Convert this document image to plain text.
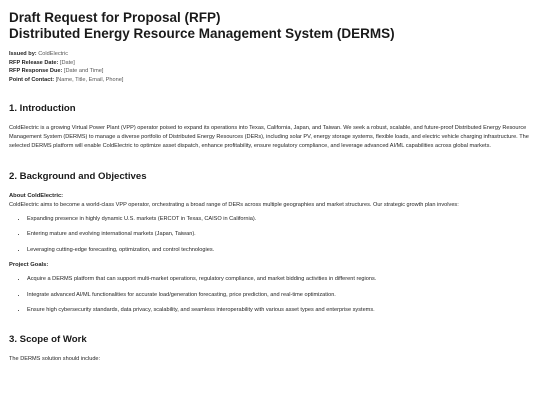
Draft Request for Proposal (RFP)
Distributed Energy Resource Management System (DERMS)
Issued by: ColdElectric
RFP Release Date: [Date]
RFP Response Due: [Date and Time]
Point of Contact: [Name, Title, Email, Phone]
1. Introduction

ColdElectric is a growing Virtual Power Plant (VPP) operator poised to expand its operations into Texas, California, Japan, and Taiwan. We seek a robust, scalable, and future-proof Distributed Energy Resource Management System (DERMS) to manage a diverse portfolio of Distributed Energy Resources (DERs), including solar PV, energy storage systems, flexible loads, and electric vehicle charging infrastructure. The selected DERMS platform will enable ColdElectric to optimize asset dispatch, enhance profitability, ensure regulatory compliance, and leverage advanced AI/ML capabilities across global markets.

2. Background and Objectives
About ColdElectric:

ColdElectric aims to become a world-class VPP operator, orchestrating a broad range of DERs across multiple geographies and market structures. Our strategic growth plan involves:

• Expanding presence in highly dynamic U.S. markets (ERCOT in Texas, CAISO in California).
• Entering mature and evolving international markets (Japan, Taiwan).
• Leveraging cutting-edge forecasting, optimization, and control technologies.
Project Goals:
• Acquire a DERMS platform that can support multi-market operations, regulatory compliance, and market bidding activities in different regions.
• Integrate advanced AI/ML functionalities for accurate load/generation forecasting, price prediction, and real-time optimization.
• Ensure high cybersecurity standards, data privacy, scalability, and seamless interoperability with various asset types and enterprise systems.
3. Scope of Work

The DERMS solution should include:
